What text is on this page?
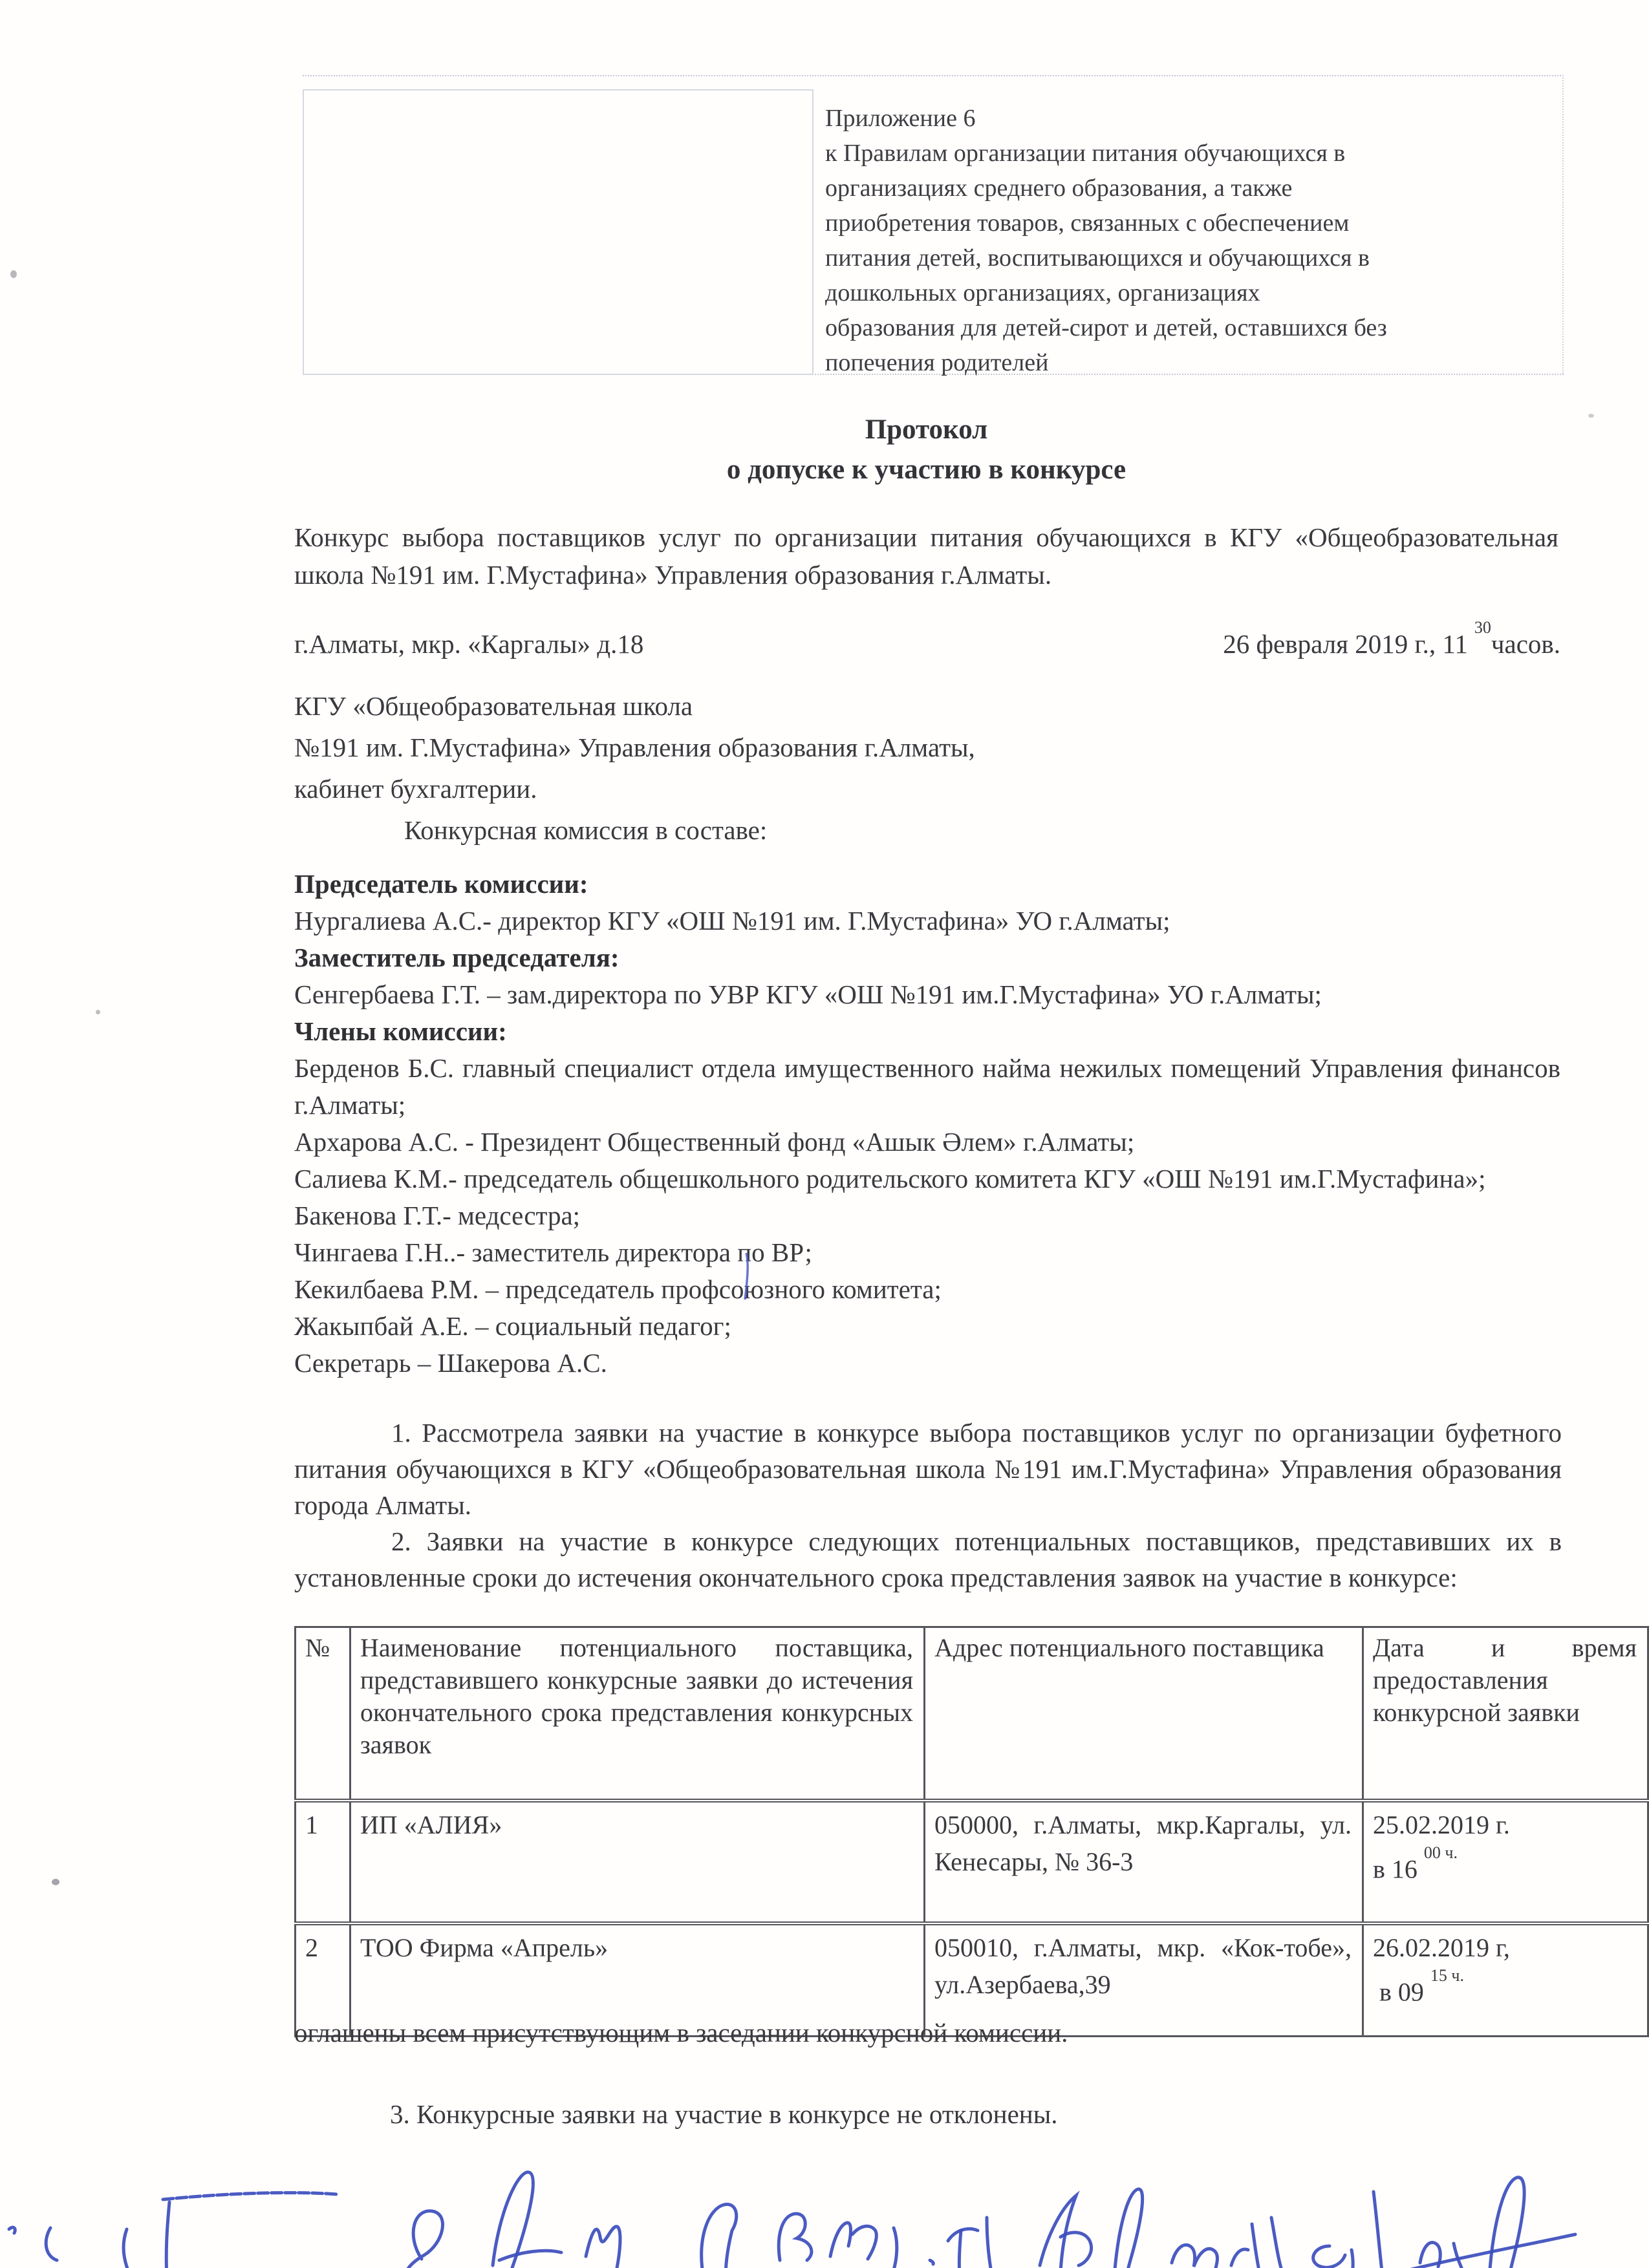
Приложение 6
к Правилам организации питания обучающихся в
организациях среднего образования, а также
приобретения товаров, связанных с обеспечением
питания детей, воспитывающихся и обучающихся в
дошкольных организациях, организациях
образования для детей-сирот и детей, оставшихся без
попечения родителей
Протокол
о допуске к участию в конкурсе
Конкурс выбора поставщиков услуг по организации питания обучающихся в КГУ «Общеобразовательная школа №191 им. Г.Мустафина» Управления образования г.Алматы.
г.Алматы, мкр. «Каргалы» д.18	26 февраля 2019 г., $11^{30}часов$.
КГУ «Общеобразовательная школа
№191 им. Г.Мустафина» Управления образования г.Алматы,
кабинет бухгалтерии.
Конкурсная комиссия в составе:
Председатель комиссии:
Нургалиева А.С.- директор КГУ «ОШ №191 им. Г.Мустафина» УО г.Алматы;
Заместитель председателя:
Сенгербаева Г.Т. – зам.директора по УВР КГУ «ОШ №191 им.Г.Мустафина» УО г.Алматы;
Члены комиссии:
Берденов Б.С. главный специалист отдела имущественного найма нежилых помещений Управления финансов г.Алматы;
Архарова А.С. - Президент Общественный фонд «Ашык Әлем» г.Алматы;
Салиева К.М.- председатель общешкольного родительского комитета КГУ «ОШ №191 им.Г.Мустафина»;
Бакенова Г.Т.- медсестра;
Чингаева Г.Н..- заместитель директора по ВР;
Кекилбаева Р.М. – председатель профсоюзного комитета;
Жакыпбай А.Е. – социальный педагог;
Секретарь – Шакерова А.С.

1. Рассмотрела заявки на участие в конкурсе выбора поставщиков услуг по организации буфетного питания обучающихся в КГУ «Общеобразовательная школа №191 им.Г.Мустафина» Управления образования города Алматы.

2. Заявки на участие в конкурсе следующих потенциальных поставщиков, представивших их в установленные сроки до истечения окончательного срока представления заявок на участие в конкурсе:

№	Наименование потенциального поставщика, представившего конкурсные заявки до истечения окончательного срока представления конкурсных заявок	Адрес потенциального поставщика	Дата и время предоставления конкурсной заявки
1	ИП «АЛИЯ»	050000, г.Алматы, мкр.Каргалы, ул. Кенесары, № 36-3	25.02.2019 г.
в $16^{00 ч.}$

2	ТОО Фирма «Апрель»	050010, г.Алматы, мкр. «Кок-тобе», ул.Азербаева,39	26.02.2019 г,
в $09^{15 ч.}$
оглашены всем присутствующим в заседании конкурсной комиссии.
3. Конкурсные заявки на участие в конкурсе не отклонены.
